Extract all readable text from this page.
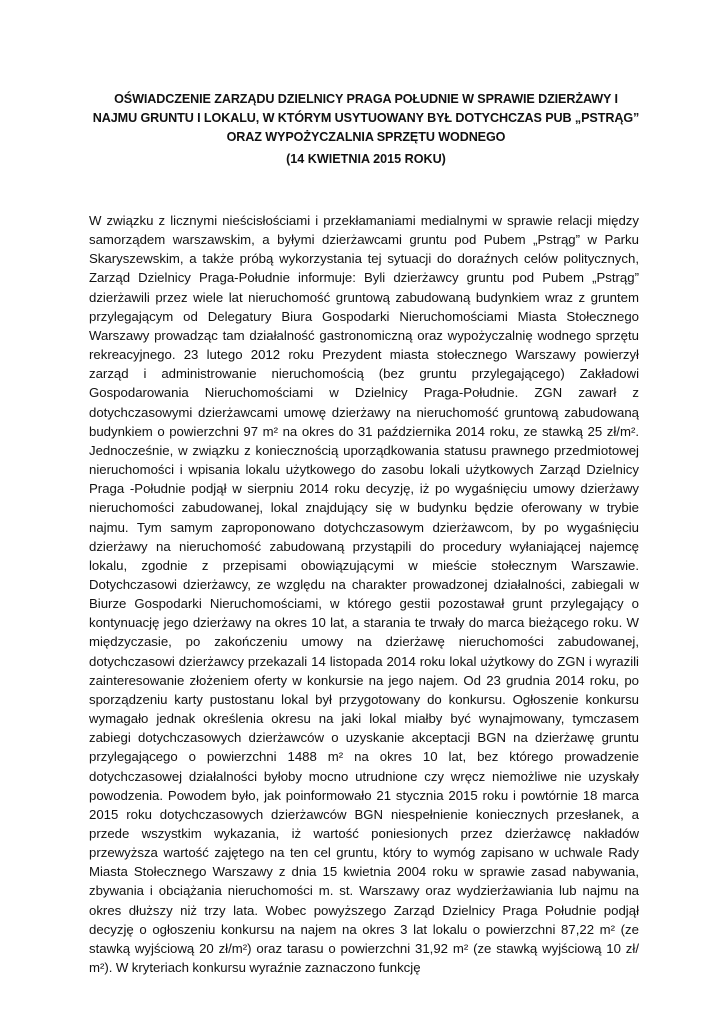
OŚWIADCZENIE ZARZĄDU DZIELNICY PRAGA POŁUDNIE W SPRAWIE DZIERŻAWY I NAJMU GRUNTU I LOKALU, W KTÓRYM USYTUOWANY BYŁ DOTYCHCZAS PUB „PSTRĄG” ORAZ WYPOŻYCZALNIA SPRZĘTU WODNEGO
(14 KWIETNIA 2015 ROKU)

W związku z licznymi nieścisłościami i przekłamaniami medialnymi w sprawie relacji między samorządem warszawskim, a byłymi dzierżawcami gruntu pod Pubem „Pstrąg” w Parku Skaryszewskim, a także próbą wykorzystania tej sytuacji do doraźnych celów politycznych, Zarząd Dzielnicy Praga-Południe informuje: Byli dzierżawcy gruntu pod Pubem „Pstrąg” dzierżawili przez wiele lat nieruchomość gruntową zabudowaną budynkiem wraz z gruntem przylegającym od Delegatury Biura Gospodarki Nieruchomościami Miasta Stołecznego Warszawy prowadząc tam działalność gastronomiczną oraz wypożyczalnię wodnego sprzętu rekreacyjnego. 23 lutego 2012 roku Prezydent miasta stołecznego Warszawy powierzył zarząd i administrowanie nieruchomością (bez gruntu przylegającego) Zakładowi Gospodarowania Nieruchomościami w Dzielnicy Praga-Południe. ZGN zawarł z dotychczasowymi dzierżawcami umowę dzierżawy na nieruchomość gruntową zabudowaną budynkiem o powierzchni 97 m² na okres do 31 października 2014 roku, ze stawką 25 zł/m². Jednocześnie, w związku z koniecznością uporządkowania statusu prawnego przedmiotowej nieruchomości i wpisania lokalu użytkowego do zasobu lokali użytkowych Zarząd Dzielnicy Praga -Południe podjął w sierpniu 2014 roku decyzję, iż po wygaśnięciu umowy dzierżawy nieruchomości zabudowanej, lokal znajdujący się w budynku będzie oferowany w trybie najmu. Tym samym zaproponowano dotychczasowym dzierżawcom, by po wygaśnięciu dzierżawy na nieruchomość zabudowaną przystąpili do procedury wyłaniającej najemcę lokalu, zgodnie z przepisami obowiązującymi w mieście stołecznym Warszawie. Dotychczasowi dzierżawcy, ze względu na charakter prowadzonej działalności, zabiegali w Biurze Gospodarki Nieruchomościami, w którego gestii pozostawał grunt przylegający o kontynuację jego dzierżawy na okres 10 lat, a starania te trwały do marca bieżącego roku. W międzyczasie, po zakończeniu umowy na dzierżawę nieruchomości zabudowanej, dotychczasowi dzierżawcy przekazali 14 listopada 2014 roku lokal użytkowy do ZGN i wyrazili zainteresowanie złożeniem oferty w konkursie na jego najem. Od 23 grudnia 2014 roku, po sporządzeniu karty pustostanu lokal był przygotowany do konkursu. Ogłoszenie konkursu wymagało jednak określenia okresu na jaki lokal miałby być wynajmowany, tymczasem zabiegi dotychczasowych dzierżawców o uzyskanie akceptacji BGN na dzierżawę gruntu przylegającego o powierzchni 1488 m² na okres 10 lat, bez którego prowadzenie dotychczasowej działalności byłoby mocno utrudnione czy wręcz niemożliwe nie uzyskały powodzenia. Powodem było, jak poinformowało 21 stycznia 2015 roku i powtórnie 18 marca 2015 roku dotychczasowych dzierżawców BGN niespełnienie koniecznych przesłanek, a przede wszystkim wykazania, iż wartość poniesionych przez dzierżawcę nakładów przewyższa wartość zajętego na ten cel gruntu, który to wymóg zapisano w uchwale Rady Miasta Stołecznego Warszawy z dnia 15 kwietnia 2004 roku w sprawie zasad nabywania, zbywania i obciążania nieruchomości m. st. Warszawy oraz wydzierżawiania lub najmu na okres dłuższy niż trzy lata. Wobec powyższego Zarząd Dzielnicy Praga Południe podjął decyzję o ogłoszeniu konkursu na najem na okres 3 lat lokalu o powierzchni 87,22 m² (ze stawką wyjściową 20 zł/m²) oraz tarasu o powierzchni 31,92 m² (ze stawką wyjściową 10 zł/ m²). W kryteriach konkursu wyraźnie zaznaczono funkcję
